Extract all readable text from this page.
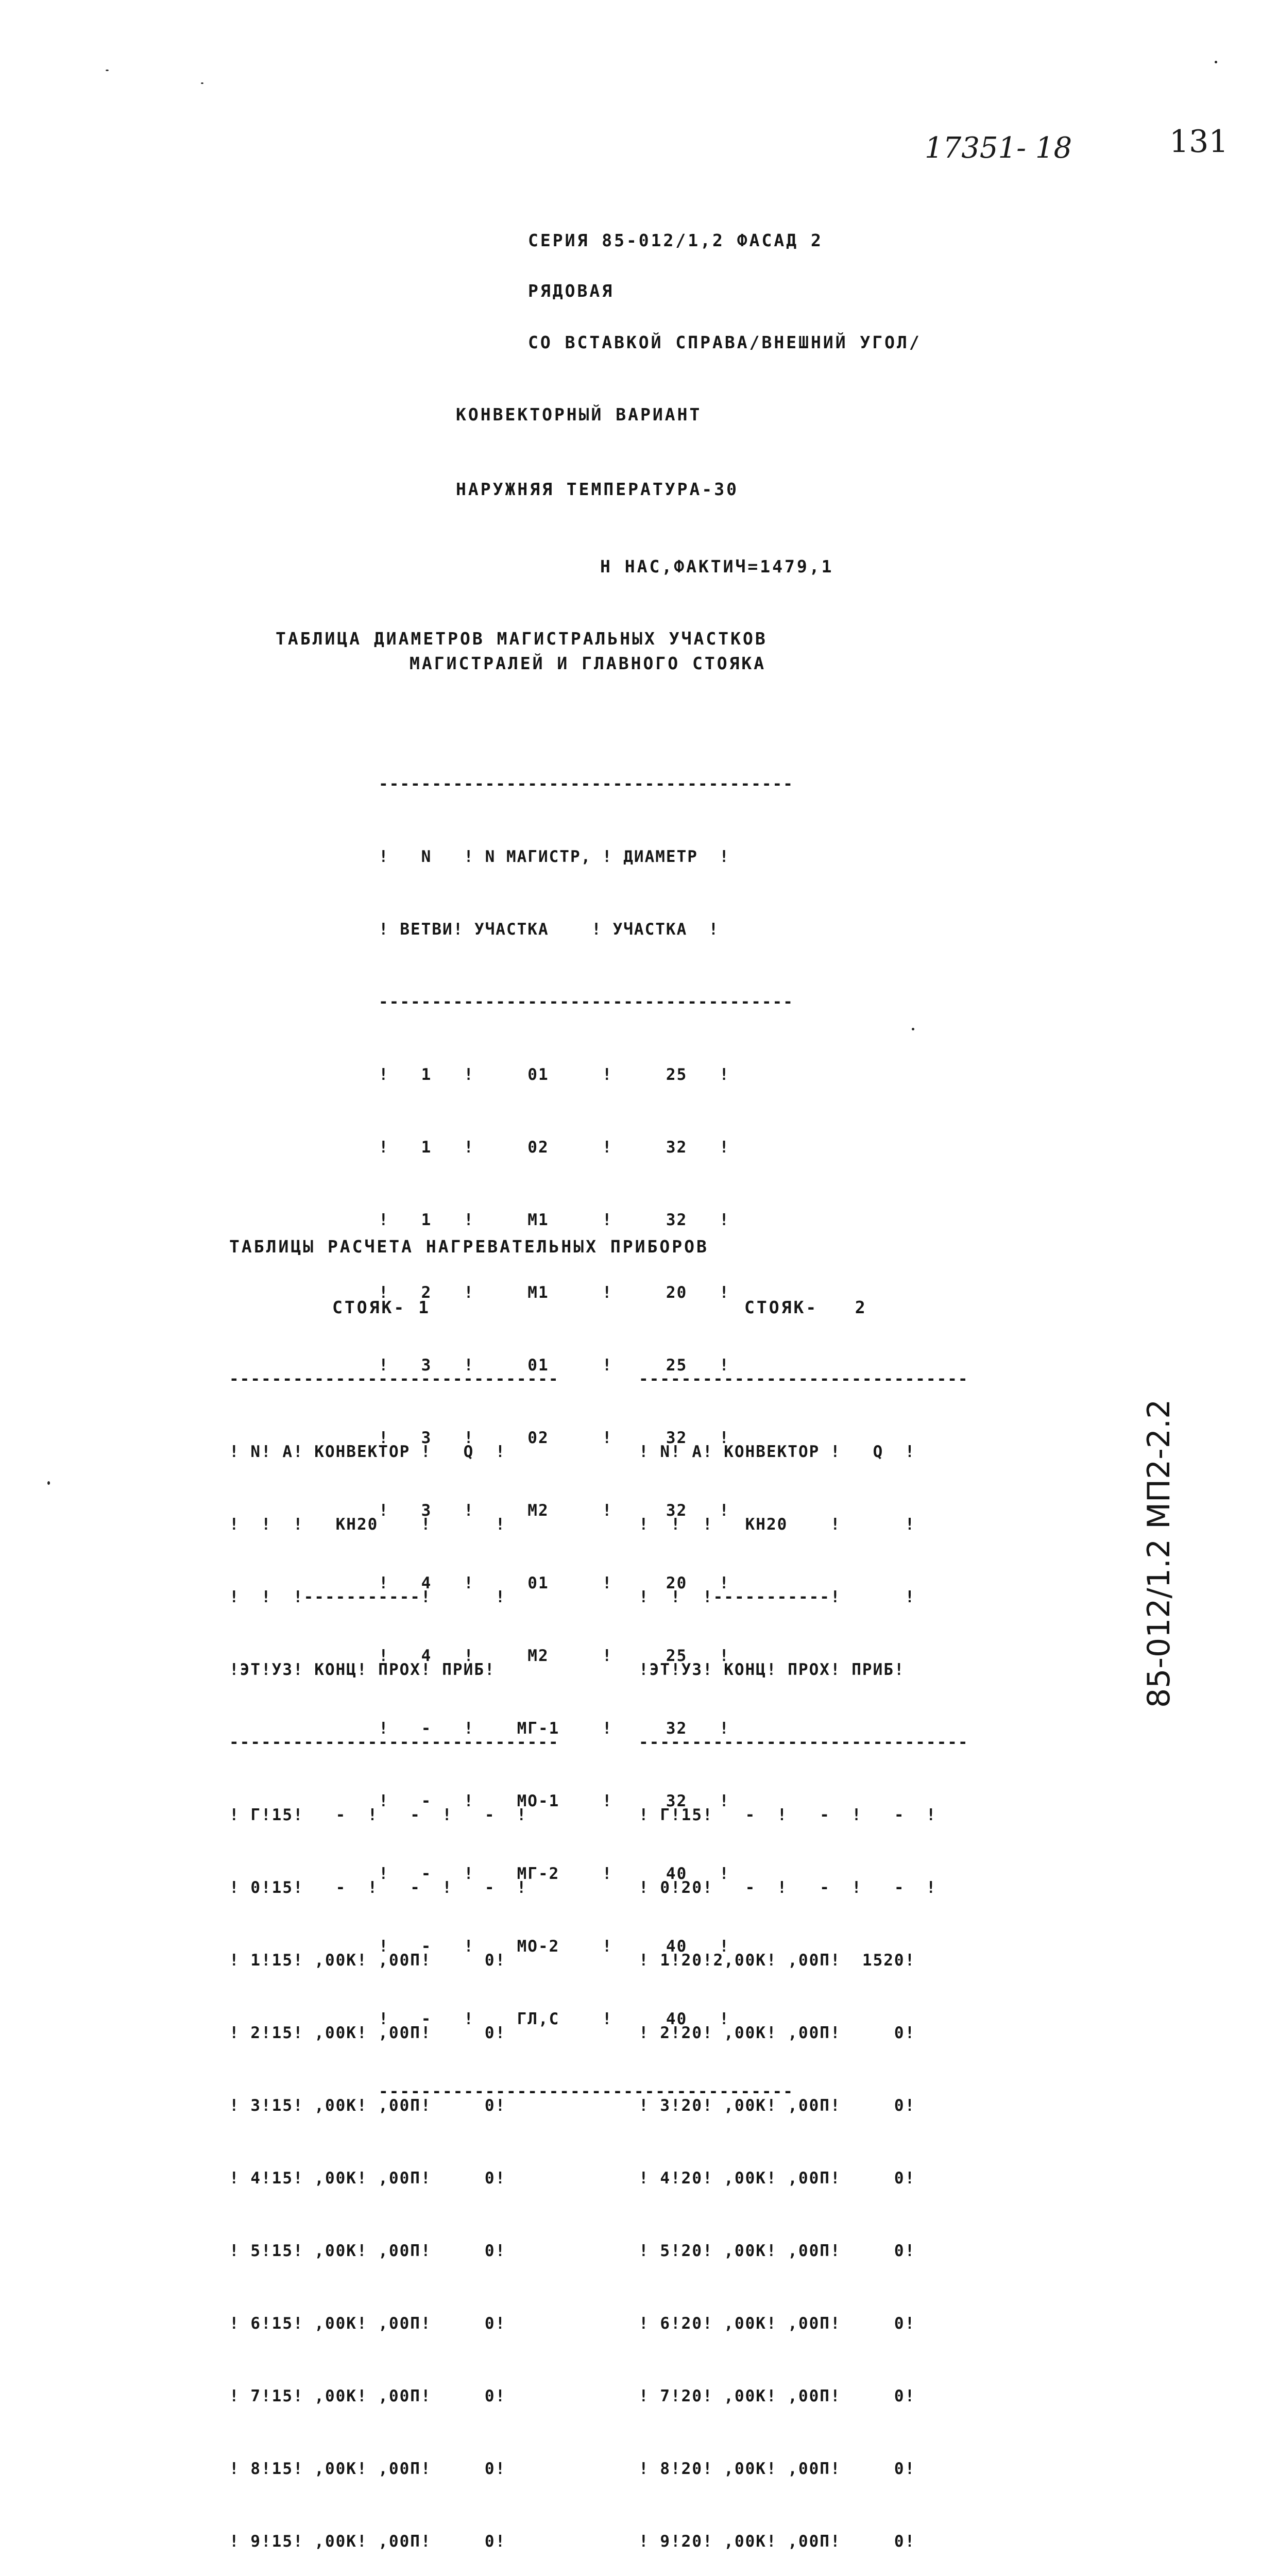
17351- 18	131
СЕРИЯ 85-012/1,2 ФАСАД 2
РЯДОВАЯ
СО ВСТАВКОЙ СПРАВА/ВНЕШНИЙ УГОЛ/
КОНВЕКТОРНЫЙ ВАРИАНТ
НАРУЖНЯЯ ТЕМПЕРАТУРА-30
Н НАС,ФАКТИЧ=1479,1
ТАБЛИЦА ДИАМЕТРОВ МАГИСТРАЛЬНЫХ УЧАСТКОВ
МАГИСТРАЛЕЙ И ГЛАВНОГО СТОЯКА

---------------------------------------

!   N   ! N МАГИСТР, ! ДИАМЕТР  !

! ВЕТВИ! УЧАСТКА    ! УЧАСТКА  !

---------------------------------------

!   1   !     01     !     25   !

!   1   !     02     !     32   !

!   1   !     М1     !     32   !

!   2   !     М1     !     20   !

!   3   !     01     !     25   !

!   3   !     02     !     32   !

!   3   !     М2     !     32   !

!   4   !     01     !     20   !

!   4   !     М2     !     25   !

!   -   !    МГ-1    !     32   !

!   -   !    МО-1    !     32   !

!   -   !    МГ-2    !     40   !

!   -   !    МО-2    !     40   !

!   -   !    ГЛ,С    !     40   !

---------------------------------------

ТАБЛИЦЫ РАСЧЕТА НАГРЕВАТЕЛЬНЫХ ПРИБОРОВ
СТОЯК- 1

-------------------------------

! N! А! КОНВЕКТОР !   Q  !

!  !  !   КН20    !      !

!  !  !-----------!      !

!ЭТ!УЗ! КОНЦ! ПРОХ! ПРИБ!

-------------------------------

! Г!15!   -  !   -  !   -  !

! 0!15!   -  !   -  !   -  !

! 1!15! ,00К! ,00П!     0!

! 2!15! ,00К! ,00П!     0!

! 3!15! ,00К! ,00П!     0!

! 4!15! ,00К! ,00П!     0!

! 5!15! ,00К! ,00П!     0!

! 6!15! ,00К! ,00П!     0!

! 7!15! ,00К! ,00П!     0!

! 8!15! ,00К! ,00П!     0!

! 9!15! ,00К! ,00П!     0!

СТОЯК-   2

-------------------------------

! N! А! КОНВЕКТОР !   Q  !

!  !  !   КН20    !      !

!  !  !-----------!      !

!ЭТ!УЗ! КОНЦ! ПРОХ! ПРИБ!

-------------------------------

! Г!15!   -  !   -  !   -  !

! 0!20!   -  !   -  !   -  !

! 1!20!2,00К! ,00П!  1520!

! 2!20! ,00К! ,00П!     0!

! 3!20! ,00К! ,00П!     0!

! 4!20! ,00К! ,00П!     0!

! 5!20! ,00К! ,00П!     0!

! 6!20! ,00К! ,00П!     0!

! 7!20! ,00К! ,00П!     0!

! 8!20! ,00К! ,00П!     0!

! 9!20! ,00К! ,00П!     0!

85-012/1.2 МП2-2.2
